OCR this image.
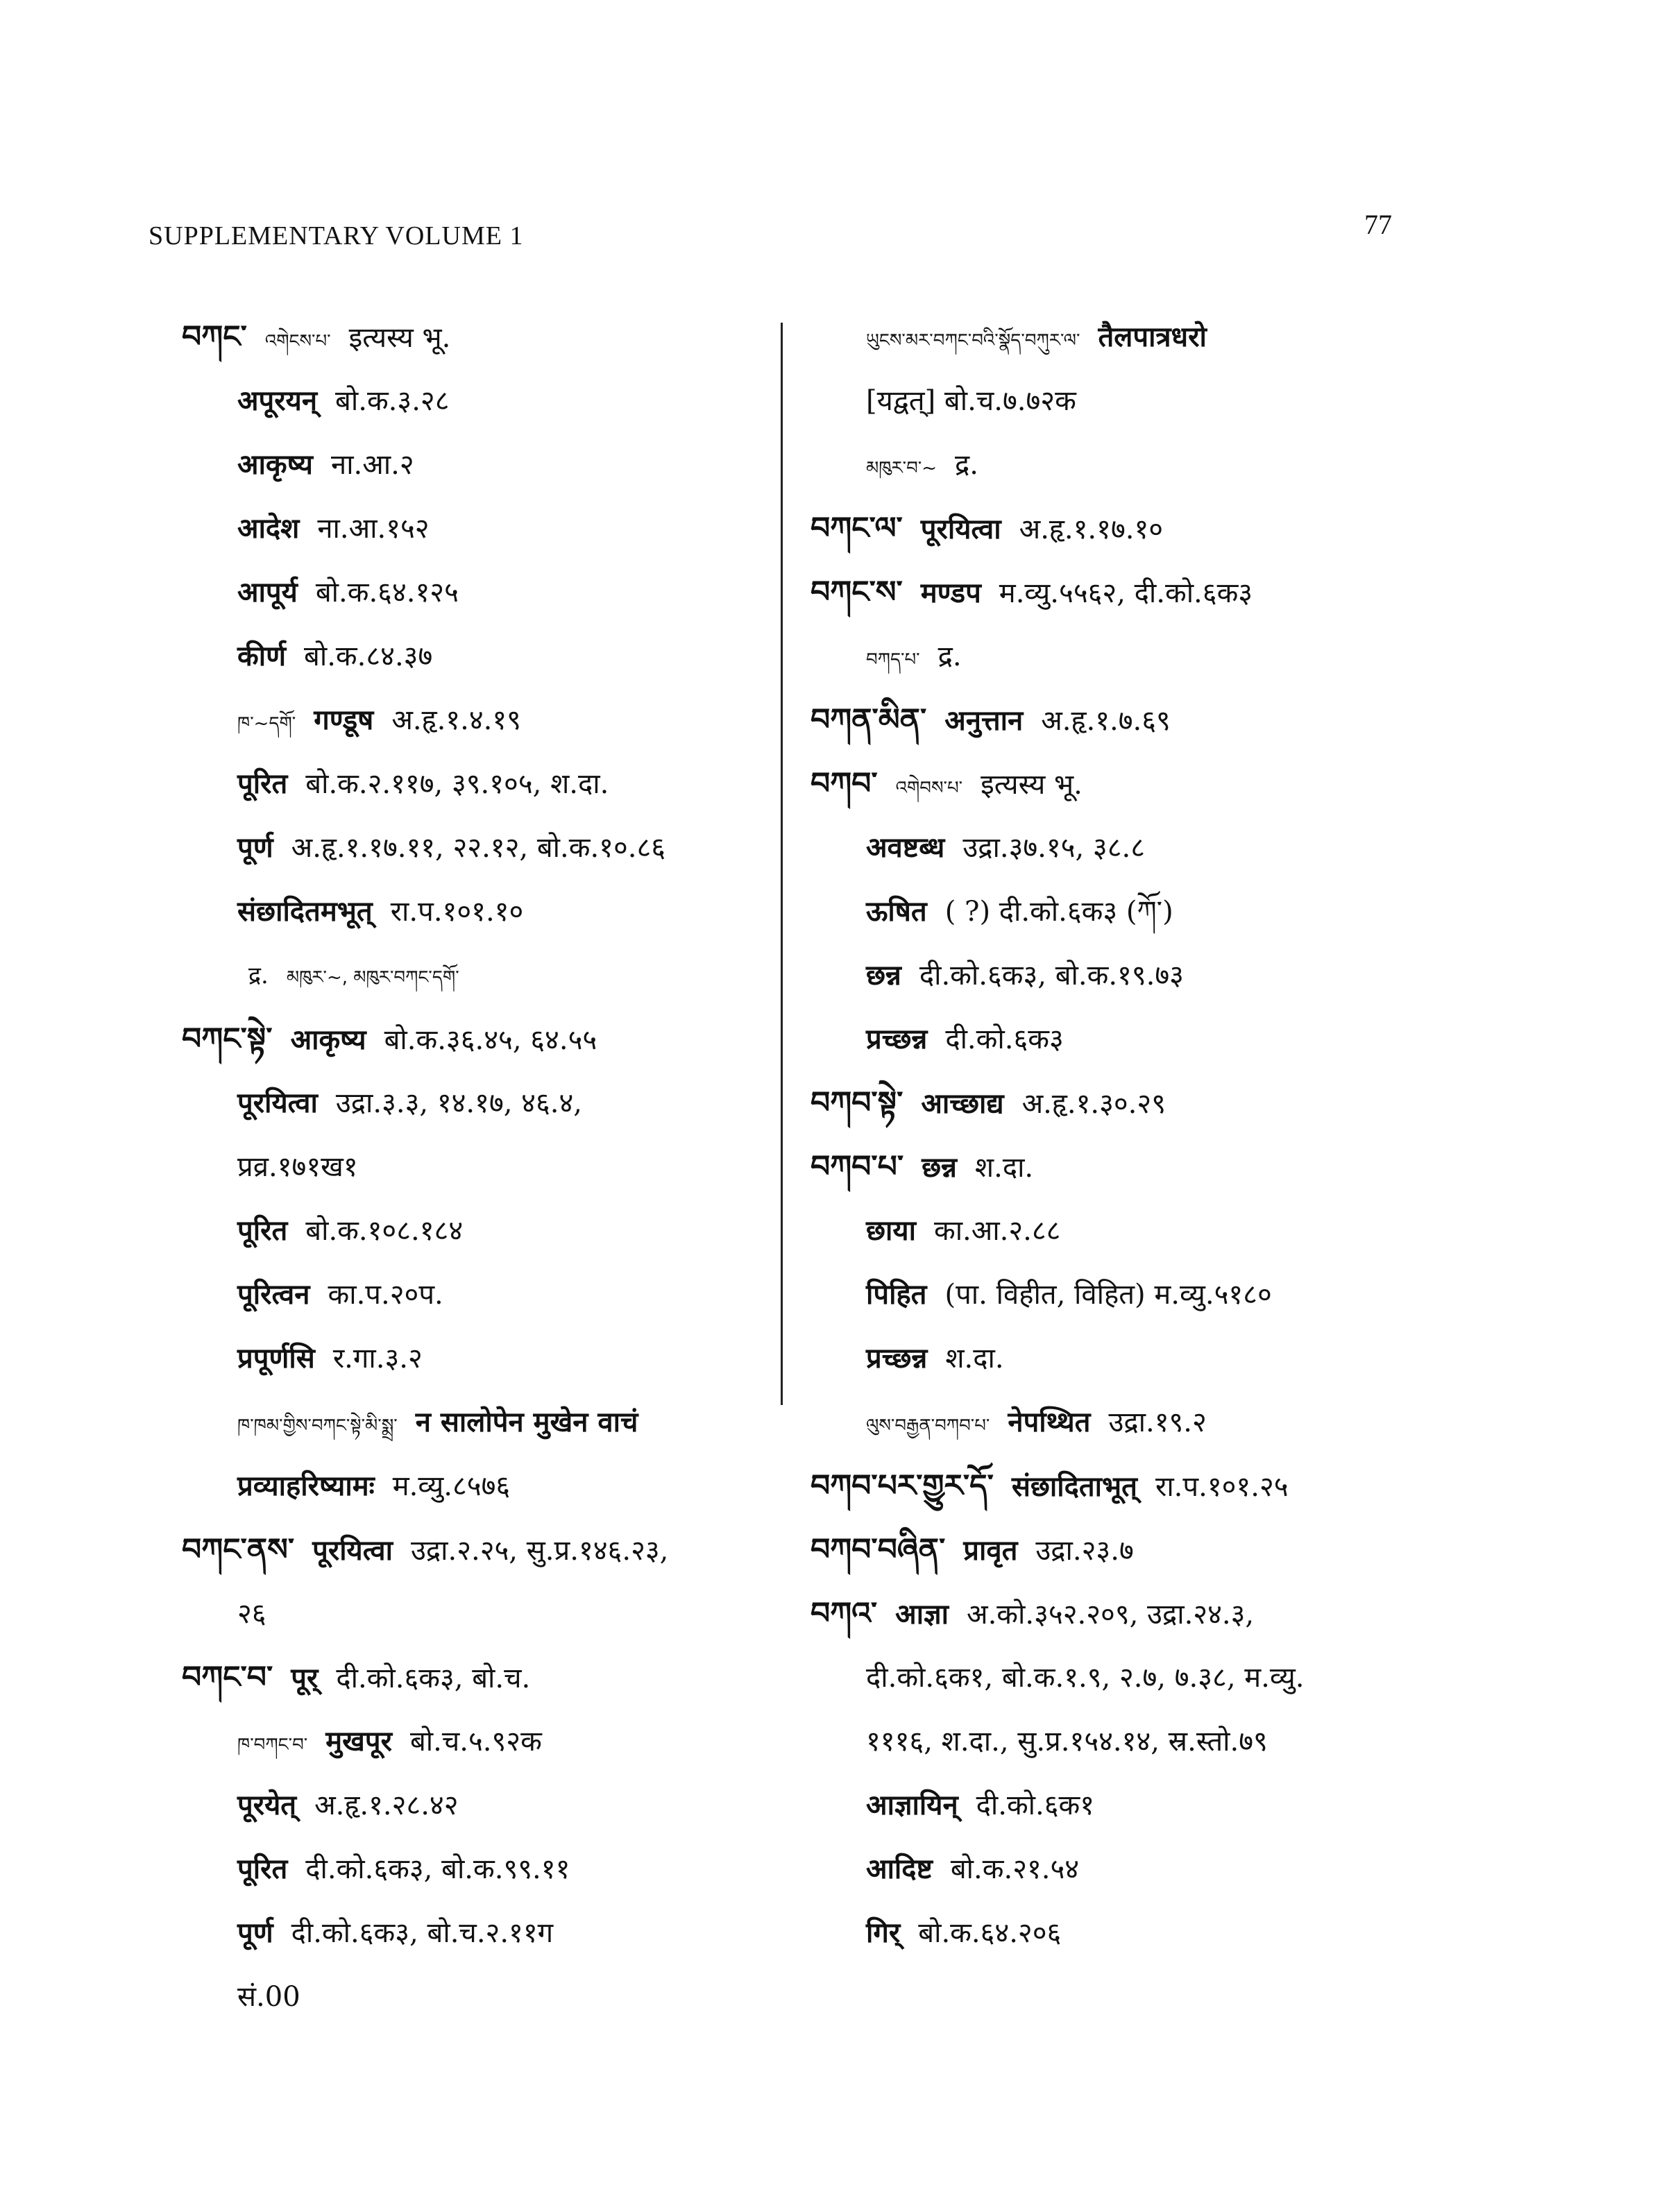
SUPPLEMENTARY VOLUME 1	77
བཀང་ འགེངས་པ་ इत्यस्य भू.
अपूरयन् बो.क.३.२८
आकृष्य ना.आ.२
आदेश ना.आ.१५२
आपूर्य बो.क.६४.१२५
कीर्ण बो.क.८४.३७
ཁ་~དགོ་ गण्डूष अ.हृ.१.४.१९
पूरित बो.क.२.११७, ३९.१०५, श.दा.
पूर्ण अ.हृ.१.१७.११, २२.१२, बो.क.१०.८६
संछादितमभूत् रा.प.१०१.१०
द्र. མཁུར་~, མཁུར་བཀང་དགོ་
བཀང་སྟེ་ आकृष्य बो.क.३६.४५, ६४.५५
पूरयित्वा उद्रा.३.३, १४.१७, ४६.४,
प्रव्र.१७१ख१
पूरित बो.क.१०८.१८४
पूरित्वन का.प.२०प.
प्रपूर्णसि र.गा.३.२
ཁ་ཁམ་གྱིས་བཀང་སྟེ་མི་སྨྲ་ न सालोपेन मुखेन वाचं
प्रव्याहरिष्यामः म.व्यु.८५७६
བཀང་ནས་ पूरयित्वा उद्रा.२.२५, सु.प्र.१४६.२३,
२६
བཀང་བ་ पूर् दी.को.६क३, बो.च.
ཁ་བཀང་བ་ मुखपूर बो.च.५.९२क
पूरयेत् अ.हृ.१.२८.४२
पूरित दी.को.६क३, बो.क.९९.११
पूर्ण दी.को.६क३, बो.च.२.११ग
सं.00
ཡུངས་མར་བཀང་བའི་སྣོད་བཀུར་ལ་ तैलपात्रधरो
[यद्वत्] बो.च.७.७२क
མཁུར་བ་~ द्र.
བཀང་ལ་ पूरयित्वा अ.हृ.१.१७.१०
བཀང་ས་ मण्डप म.व्यु.५५६२, दी.को.६क३
བཀད་པ་ द्र.
བཀན་མིན་ अनुत्तान अ.हृ.१.७.६९
བཀབ་ འགེབས་པ་ इत्यस्य भू.
अवष्टब्ध उद्रा.३७.१५, ३८.८
ऊषित ( ?) दी.को.६क३ (ཀོ་)
छन्न दी.को.६क३, बो.क.१९.७३
प्रच्छन्न दी.को.६क३
བཀབ་སྟེ་ आच्छाद्य अ.हृ.१.३०.२९
བཀབ་པ་ छन्न श.दा.
छाया का.आ.२.८८
पिहित (पा. विहीत, विहित) म.व्यु.५१८०
प्रच्छन्न श.दा.
ལུས་བརྒྱན་བཀབ་པ་ नेपथ्थित उद्रा.१९.२
བཀབ་པར་གྱུར་དོ་ संछादिताभूत् रा.प.१०१.२५
བཀབ་བཞིན་ प्रावृत उद्रा.२३.७
བཀའ་ आज्ञा अ.को.३५२.२०९, उद्रा.२४.३,
दी.को.६क१, बो.क.१.९, २.७, ७.३८, म.व्यु.
१११६, श.दा., सु.प्र.१५४.१४, स्र.स्तो.७९
आज्ञायिन् दी.को.६क१
आदिष्ट बो.क.२१.५४
गिर् बो.क.६४.२०६
